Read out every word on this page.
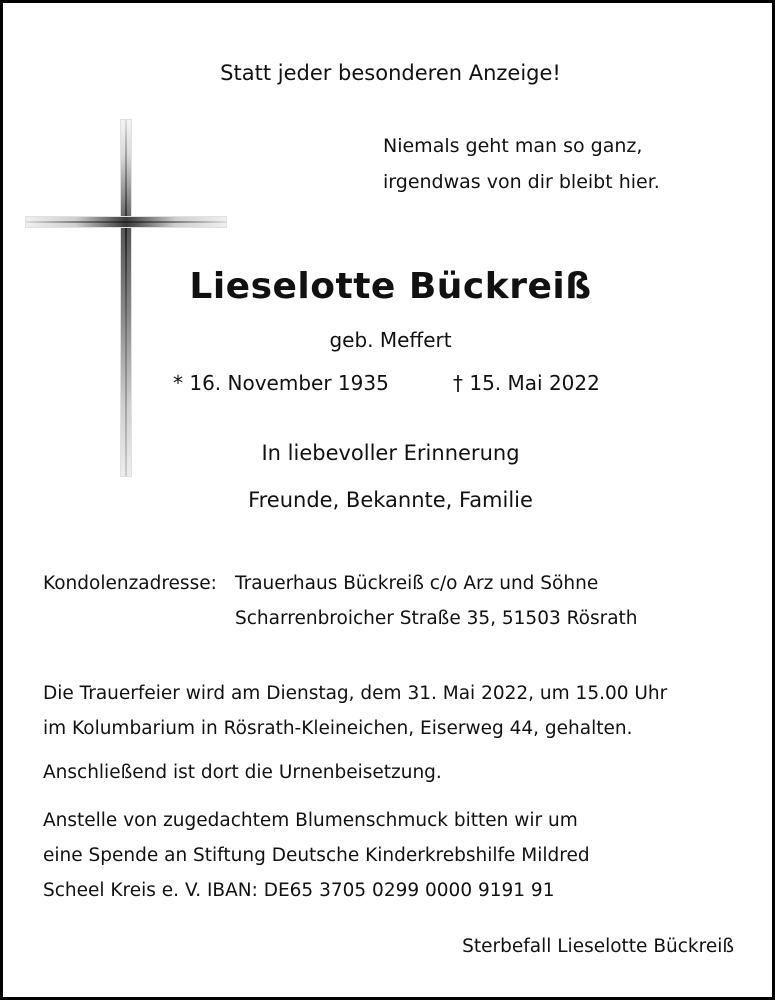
Statt jeder besonderen Anzeige!
Niemals geht man so ganz,
irgendwas von dir bleibt hier.
Lieselotte Bückreiß
geb. Meffert
* 16. November 1935	† 15. Mai 2022
In liebevoller Erinnerung
Freunde, Bekannte, Familie
Kondolenzadresse: Trauerhaus Bückreiß c/o Arz und Söhne
Scharrenbroicher Straße 35, 51503 Rösrath
Die Trauerfeier wird am Dienstag, dem 31. Mai 2022, um 15.00 Uhr
im Kolumbarium in Rösrath-Kleineichen, Eiserweg 44, gehalten.
Anschließend ist dort die Urnenbeisetzung.
Anstelle von zugedachtem Blumenschmuck bitten wir um
eine Spende an Stiftung Deutsche Kinderkrebshilfe Mildred
Scheel Kreis e. V. IBAN: DE65 3705 0299 0000 9191 91
Sterbefall Lieselotte Bückreiß
